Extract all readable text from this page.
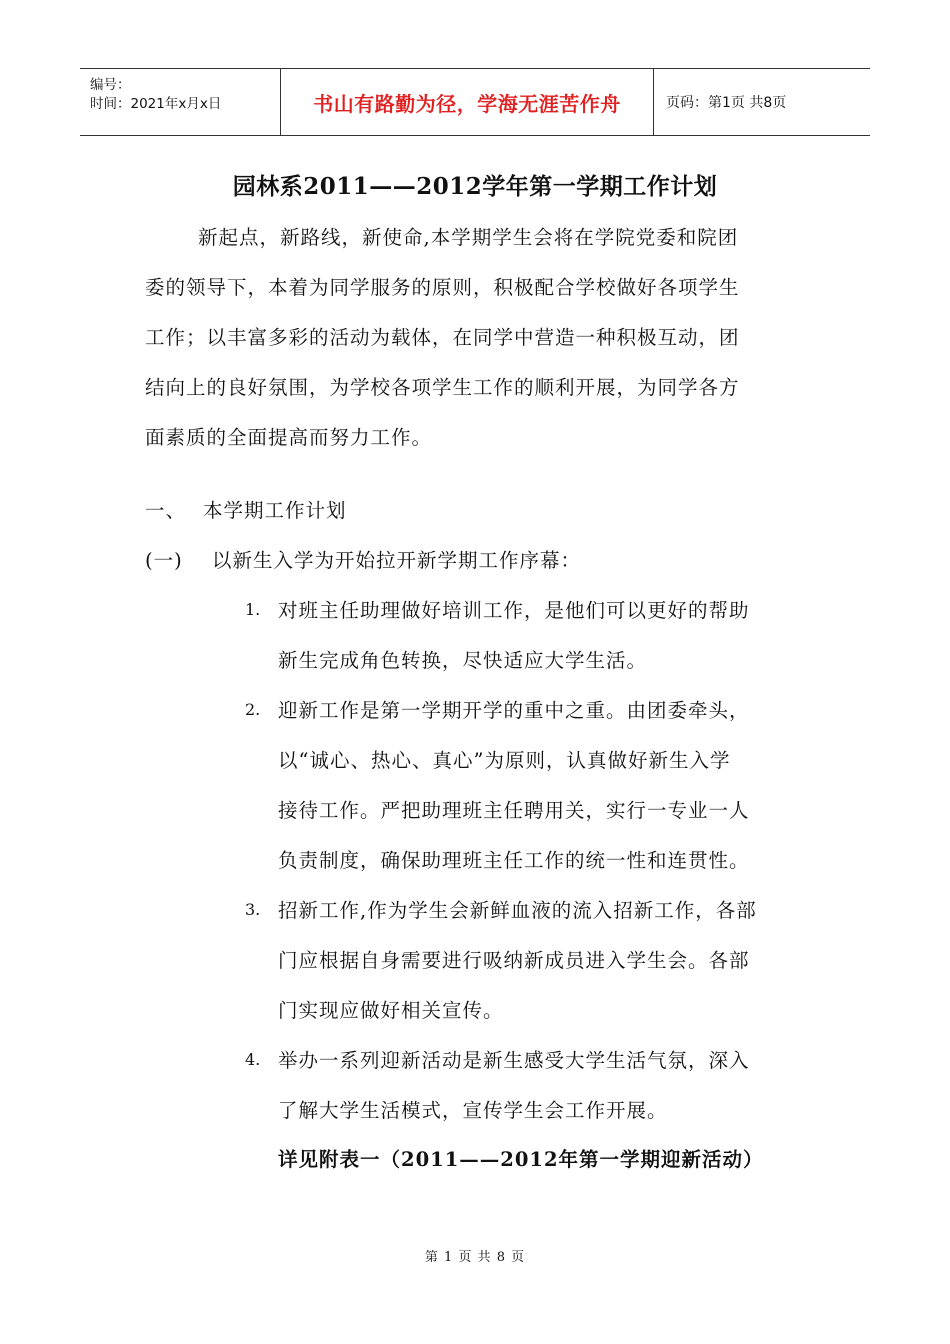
编号：
时间：2021年x月x日	书山有路勤为径，学海无涯苦作舟	页码：第1页 共8页
园林系2011——2012学年第一学期工作计划
新起点，新路线，新使命,本学期学生会将在学院党委和院团
委的领导下，本着为同学服务的原则，积极配合学校做好各项学生
工作；以丰富多彩的活动为载体，在同学中营造一种积极互动，团
结向上的良好氛围，为学校各项学生工作的顺利开展，为同学各方
面素质的全面提高而努力工作。
一、 本学期工作计划
(一) 以新生入学为开始拉开新学期工作序幕：
1. 对班主任助理做好培训工作，是他们可以更好的帮助
新生完成角色转换，尽快适应大学生活。
2. 迎新工作是第一学期开学的重中之重。由团委牵头，
以“诚心、热心、真心”为原则，认真做好新生入学
接待工作。严把助理班主任聘用关，实行一专业一人
负责制度，确保助理班主任工作的统一性和连贯性。
3. 招新工作,作为学生会新鲜血液的流入招新工作，各部
门应根据自身需要进行吸纳新成员进入学生会。各部
门实现应做好相关宣传。
4. 举办一系列迎新活动是新生感受大学生活气氛，深入
了解大学生活模式，宣传学生会工作开展。
详见附表一（2011——2012年第一学期迎新活动）
第 1 页 共 8 页
